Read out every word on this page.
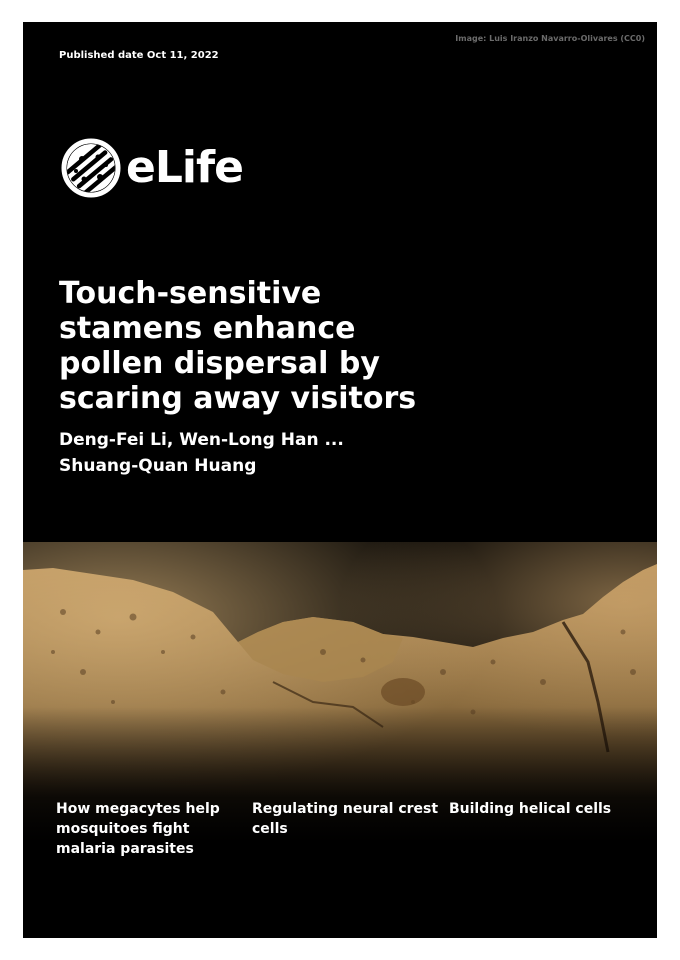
Image: Luis Iranzo Navarro-Olivares (CC0)
Published date Oct 11, 2022
eLife
Touch-sensitive stamens enhance pollen dispersal by scaring away visitors

Deng-Fei Li, Wen-Long Han ... Shuang-Quan Huang

How megacytes help mosquitoes fight malaria parasites
Regulating neural crest cells
Building helical cells
